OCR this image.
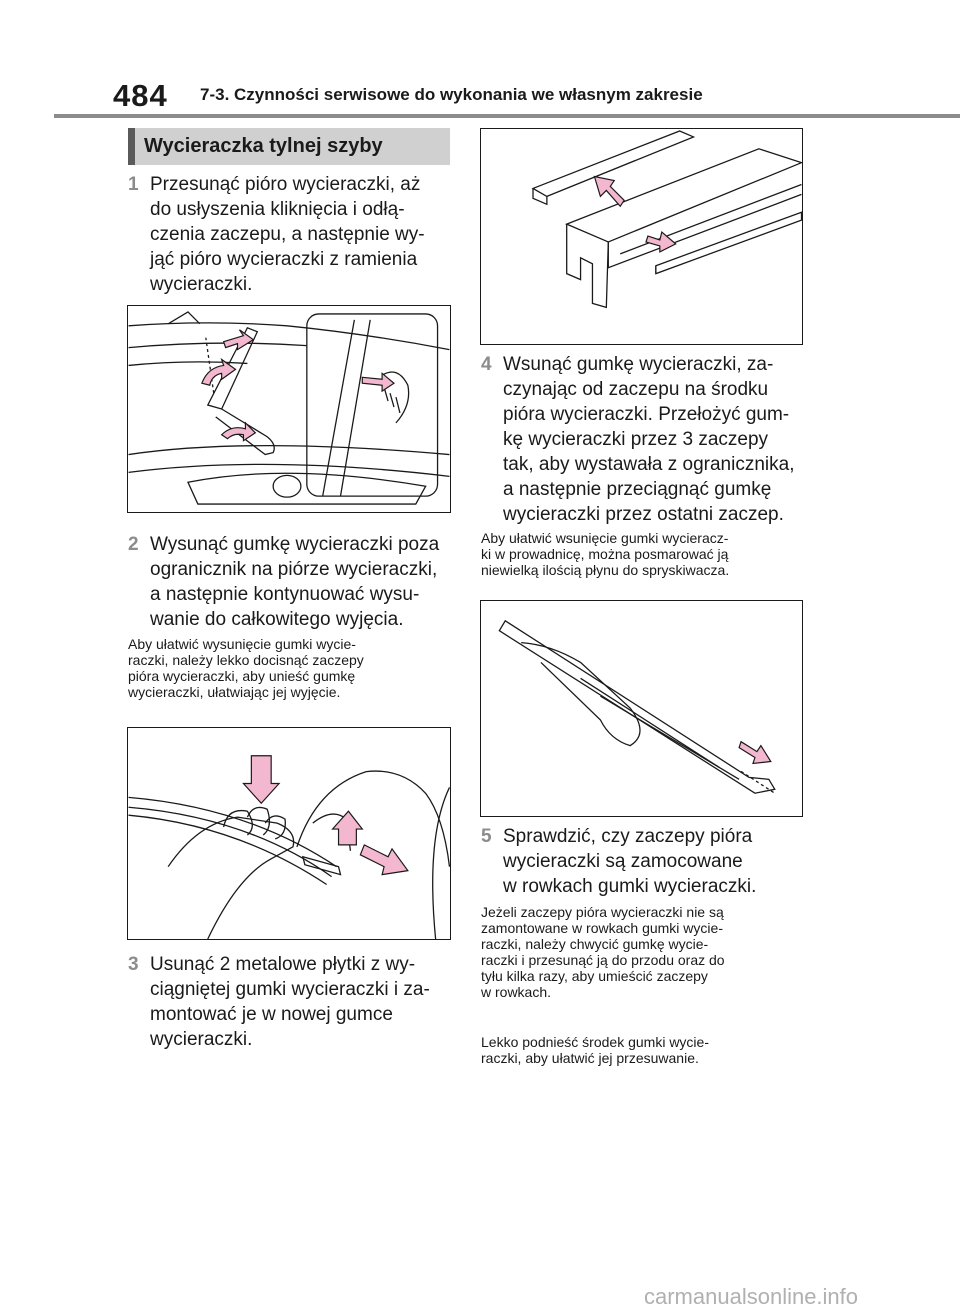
484 7-3. Czynności serwisowe do wykonania we własnym zakresie
Wycieraczka tylnej szyby
1 Przesunąć pióro wycieraczki, aż
do usłyszenia kliknięcia i odłą-
czenia zaczepu, a następnie wy-
jąć pióro wycieraczki z ramienia
wycieraczki.
2 Wysunąć gumkę wycieraczki poza
ogranicznik na piórze wycieraczki,
a następnie kontynuować wysu-
wanie do całkowitego wyjęcia.
Aby ułatwić wysunięcie gumki wycie-
raczki, należy lekko docisnąć zaczepy
pióra wycieraczki, aby unieść gumkę
wycieraczki, ułatwiając jej wyjęcie.
3 Usunąć 2 metalowe płytki z wy-
ciągniętej gumki wycieraczki i za-
montować je w nowej gumce
wycieraczki.
4 Wsunąć gumkę wycieraczki, za-
czynając od zaczepu na środku
pióra wycieraczki. Przełożyć gum-
kę wycieraczki przez 3 zaczepy
tak, aby wystawała z ogranicznika,
a następnie przeciągnąć gumkę
wycieraczki przez ostatni zaczep.
Aby ułatwić wsunięcie gumki wycieracz-
ki w prowadnicę, można posmarować ją
niewielką ilością płynu do spryskiwacza.
5 Sprawdzić, czy zaczepy pióra
wycieraczki są zamocowane
w rowkach gumki wycieraczki.
Jeżeli zaczepy pióra wycieraczki nie są
zamontowane w rowkach gumki wycie-
raczki, należy chwycić gumkę wycie-
raczki i przesunąć ją do przodu oraz do
tyłu kilka razy, aby umieścić zaczepy
w rowkach.
Lekko podnieść środek gumki wycie-
raczki, aby ułatwić jej przesuwanie.
carmanualsonline.info
